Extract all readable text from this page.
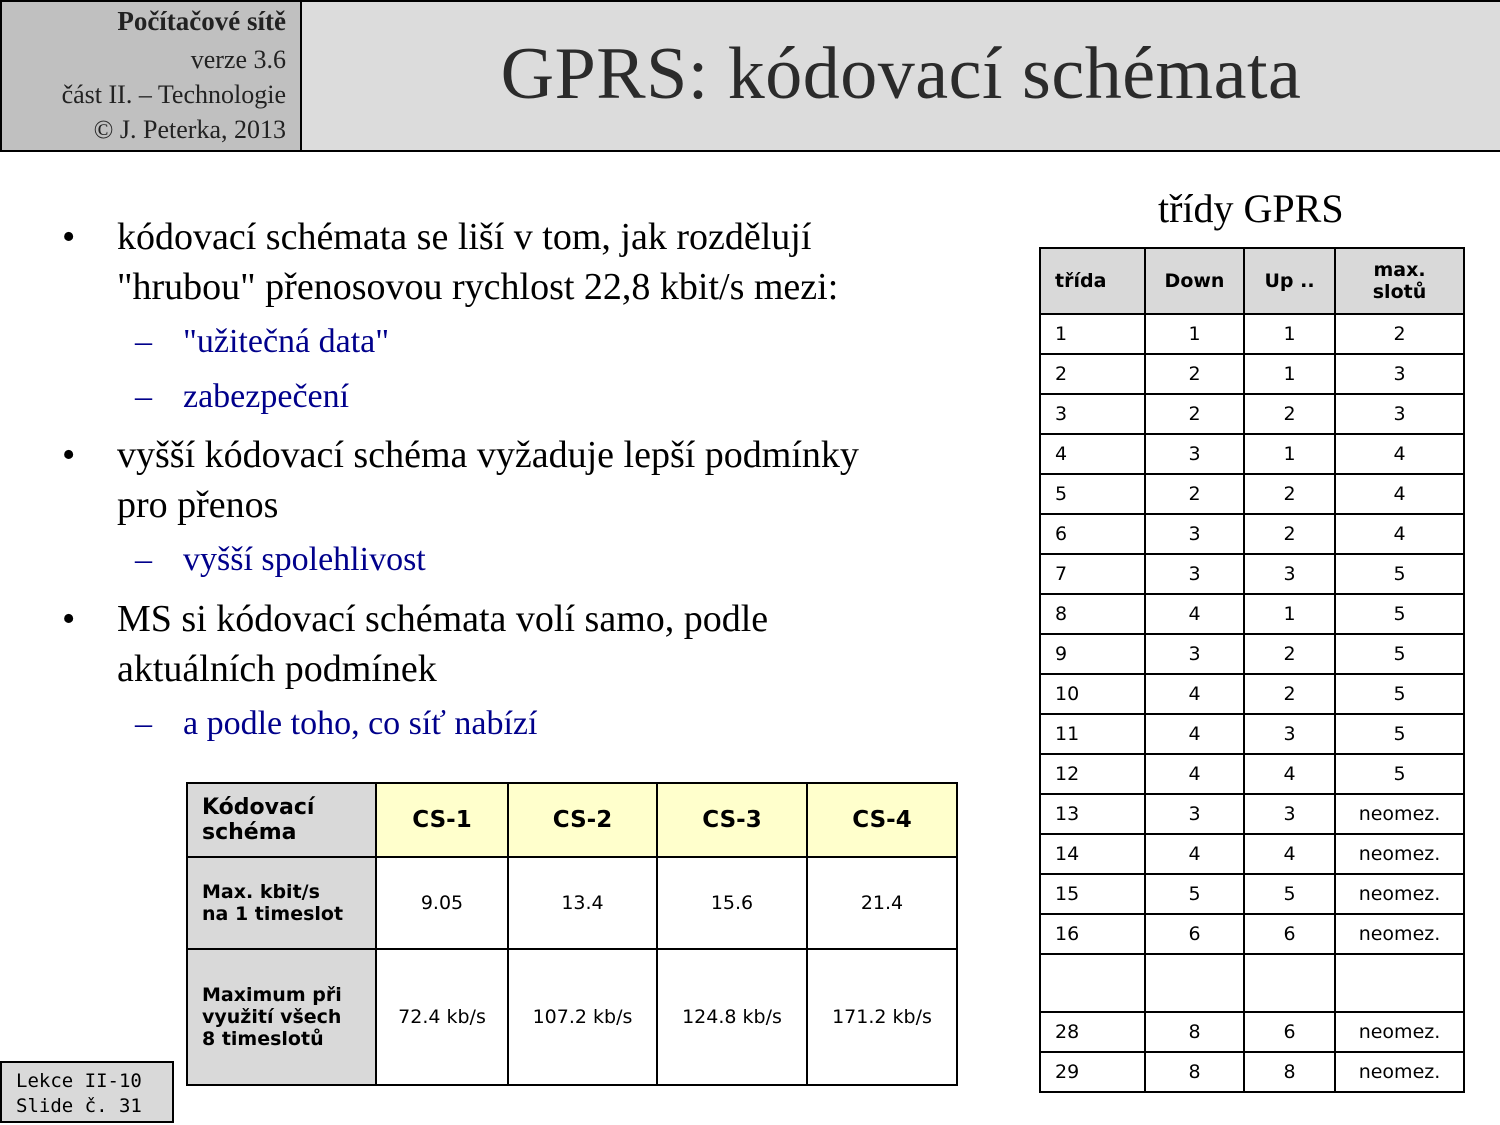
Počítačové sítě
verze 3.6
část II. – Technologie
© J. Peterka, 2013
GPRS: kódovací schémata
• kódovací schémata se liší v tom, jak rozdělují
"hrubou" přenosovou rychlost 22,8 kbit/s mezi:
– "užitečná data"
– zabezpečení
• vyšší kódovací schéma vyžaduje lepší podmínky
pro přenos
– vyšší spolehlivost
• MS si kódovací schémata volí samo, podle
aktuálních podmínek
– a podle toho, co síť nabízí
třídy GPRS
třída	Down	Up ..	max.
slotů

1	1	1	2
2	2	1	3
3	2	2	3
4	3	1	4
5	2	2	4
6	3	2	4
7	3	3	5
8	4	1	5
9	3	2	5
10	4	2	5
11	4	3	5
12	4	4	5
13	3	3	neomez.
14	4	4	neomez.
15	5	5	neomez.
16	6	6	neomez.

28	8	6	neomez.
29	8	8	neomez.
Kódovací
schéma	CS-1	CS-2	CS-3	CS-4

Max. kbit/s
na 1 timeslot	9.05	13.4	15.6	21.4

Maximum při
využití všech
8 timeslotů	72.4 kb/s	107.2 kb/s	124.8 kb/s	171.2 kb/s
Lekce II-10
Slide č. 31
